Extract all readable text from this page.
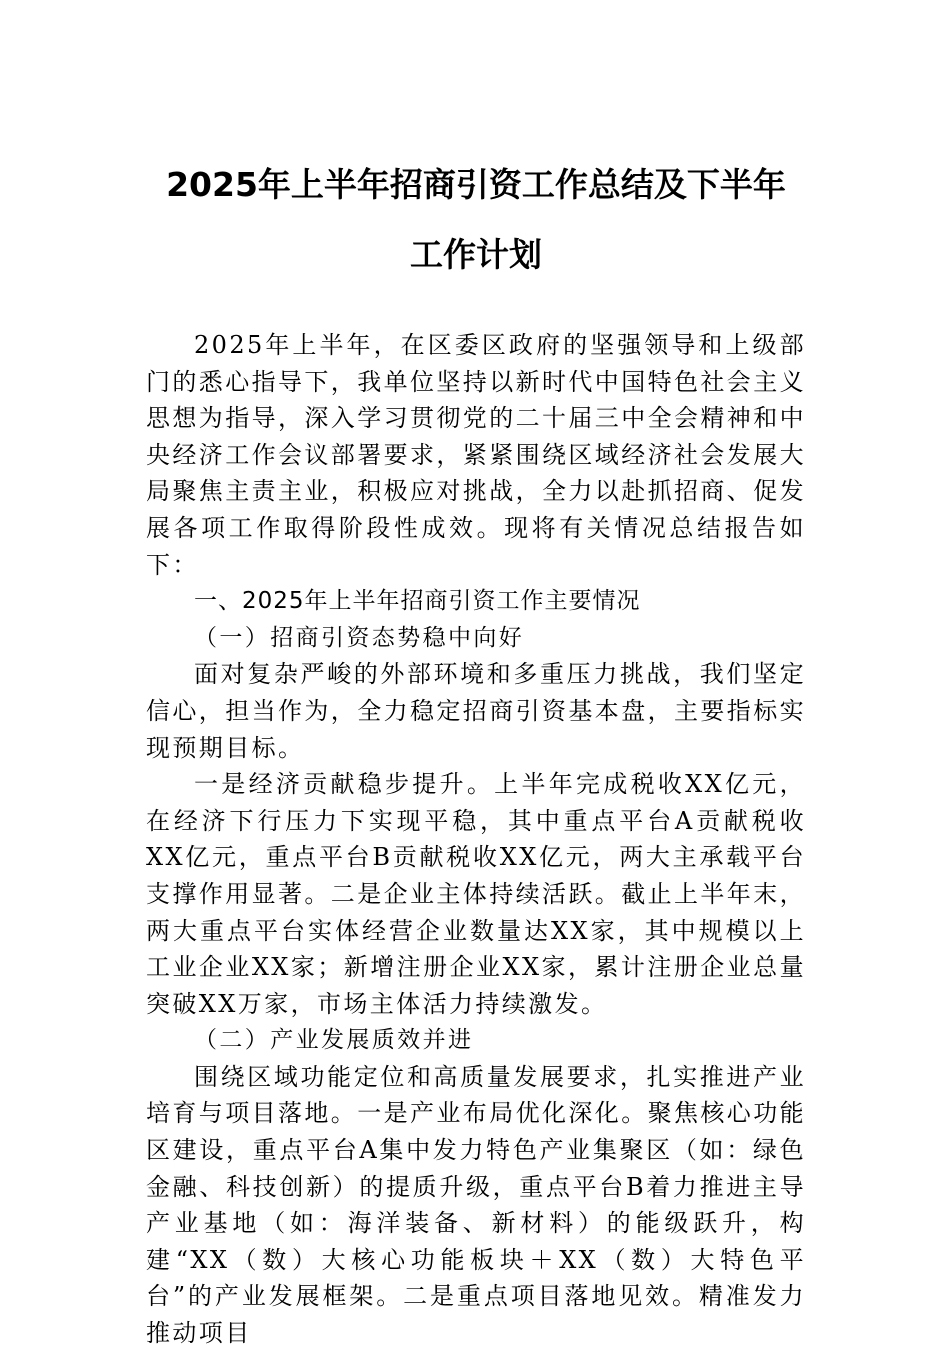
2025年上半年招商引资工作总结及下半年
工作计划

2025年上半年，在区委区政府的坚强领导和上级部门的悉心指导下，我单位坚持以新时代中国特色社会主义思想为指导，深入学习贯彻党的二十届三中全会精神和中央经济工作会议部署要求，紧紧围绕区域经济社会发展大局聚焦主责主业，积极应对挑战，全力以赴抓招商、促发展各项工作取得阶段性成效。现将有关情况总结报告如下：

一、2025年上半年招商引资工作主要情况

（一）招商引资态势稳中向好

面对复杂严峻的外部环境和多重压力挑战，我们坚定信心，担当作为，全力稳定招商引资基本盘，主要指标实现预期目标。

一是经济贡献稳步提升。上半年完成税收XX亿元，在经济下行压力下实现平稳，其中重点平台A贡献税收XX亿元，重点平台B贡献税收XX亿元，两大主承载平台支撑作用显著。二是企业主体持续活跃。截止上半年末，两大重点平台实体经营企业数量达XX家，其中规模以上工业企业XX家；新增注册企业XX家，累计注册企业总量突破XX万家，市场主体活力持续激发。

（二）产业发展质效并进

围绕区域功能定位和高质量发展要求，扎实推进产业培育与项目落地。一是产业布局优化深化。聚焦核心功能区建设，重点平台A集中发力特色产业集聚区（如：绿色金融、科技创新）的提质升级，重点平台B着力推进主导产业基地（如：海洋装备、新材料）的能级跃升，构建“XX（数）大核心功能板块＋XX（数）大特色平台”的产业发展框架。二是重点项目落地见效。精准发力推动项目
